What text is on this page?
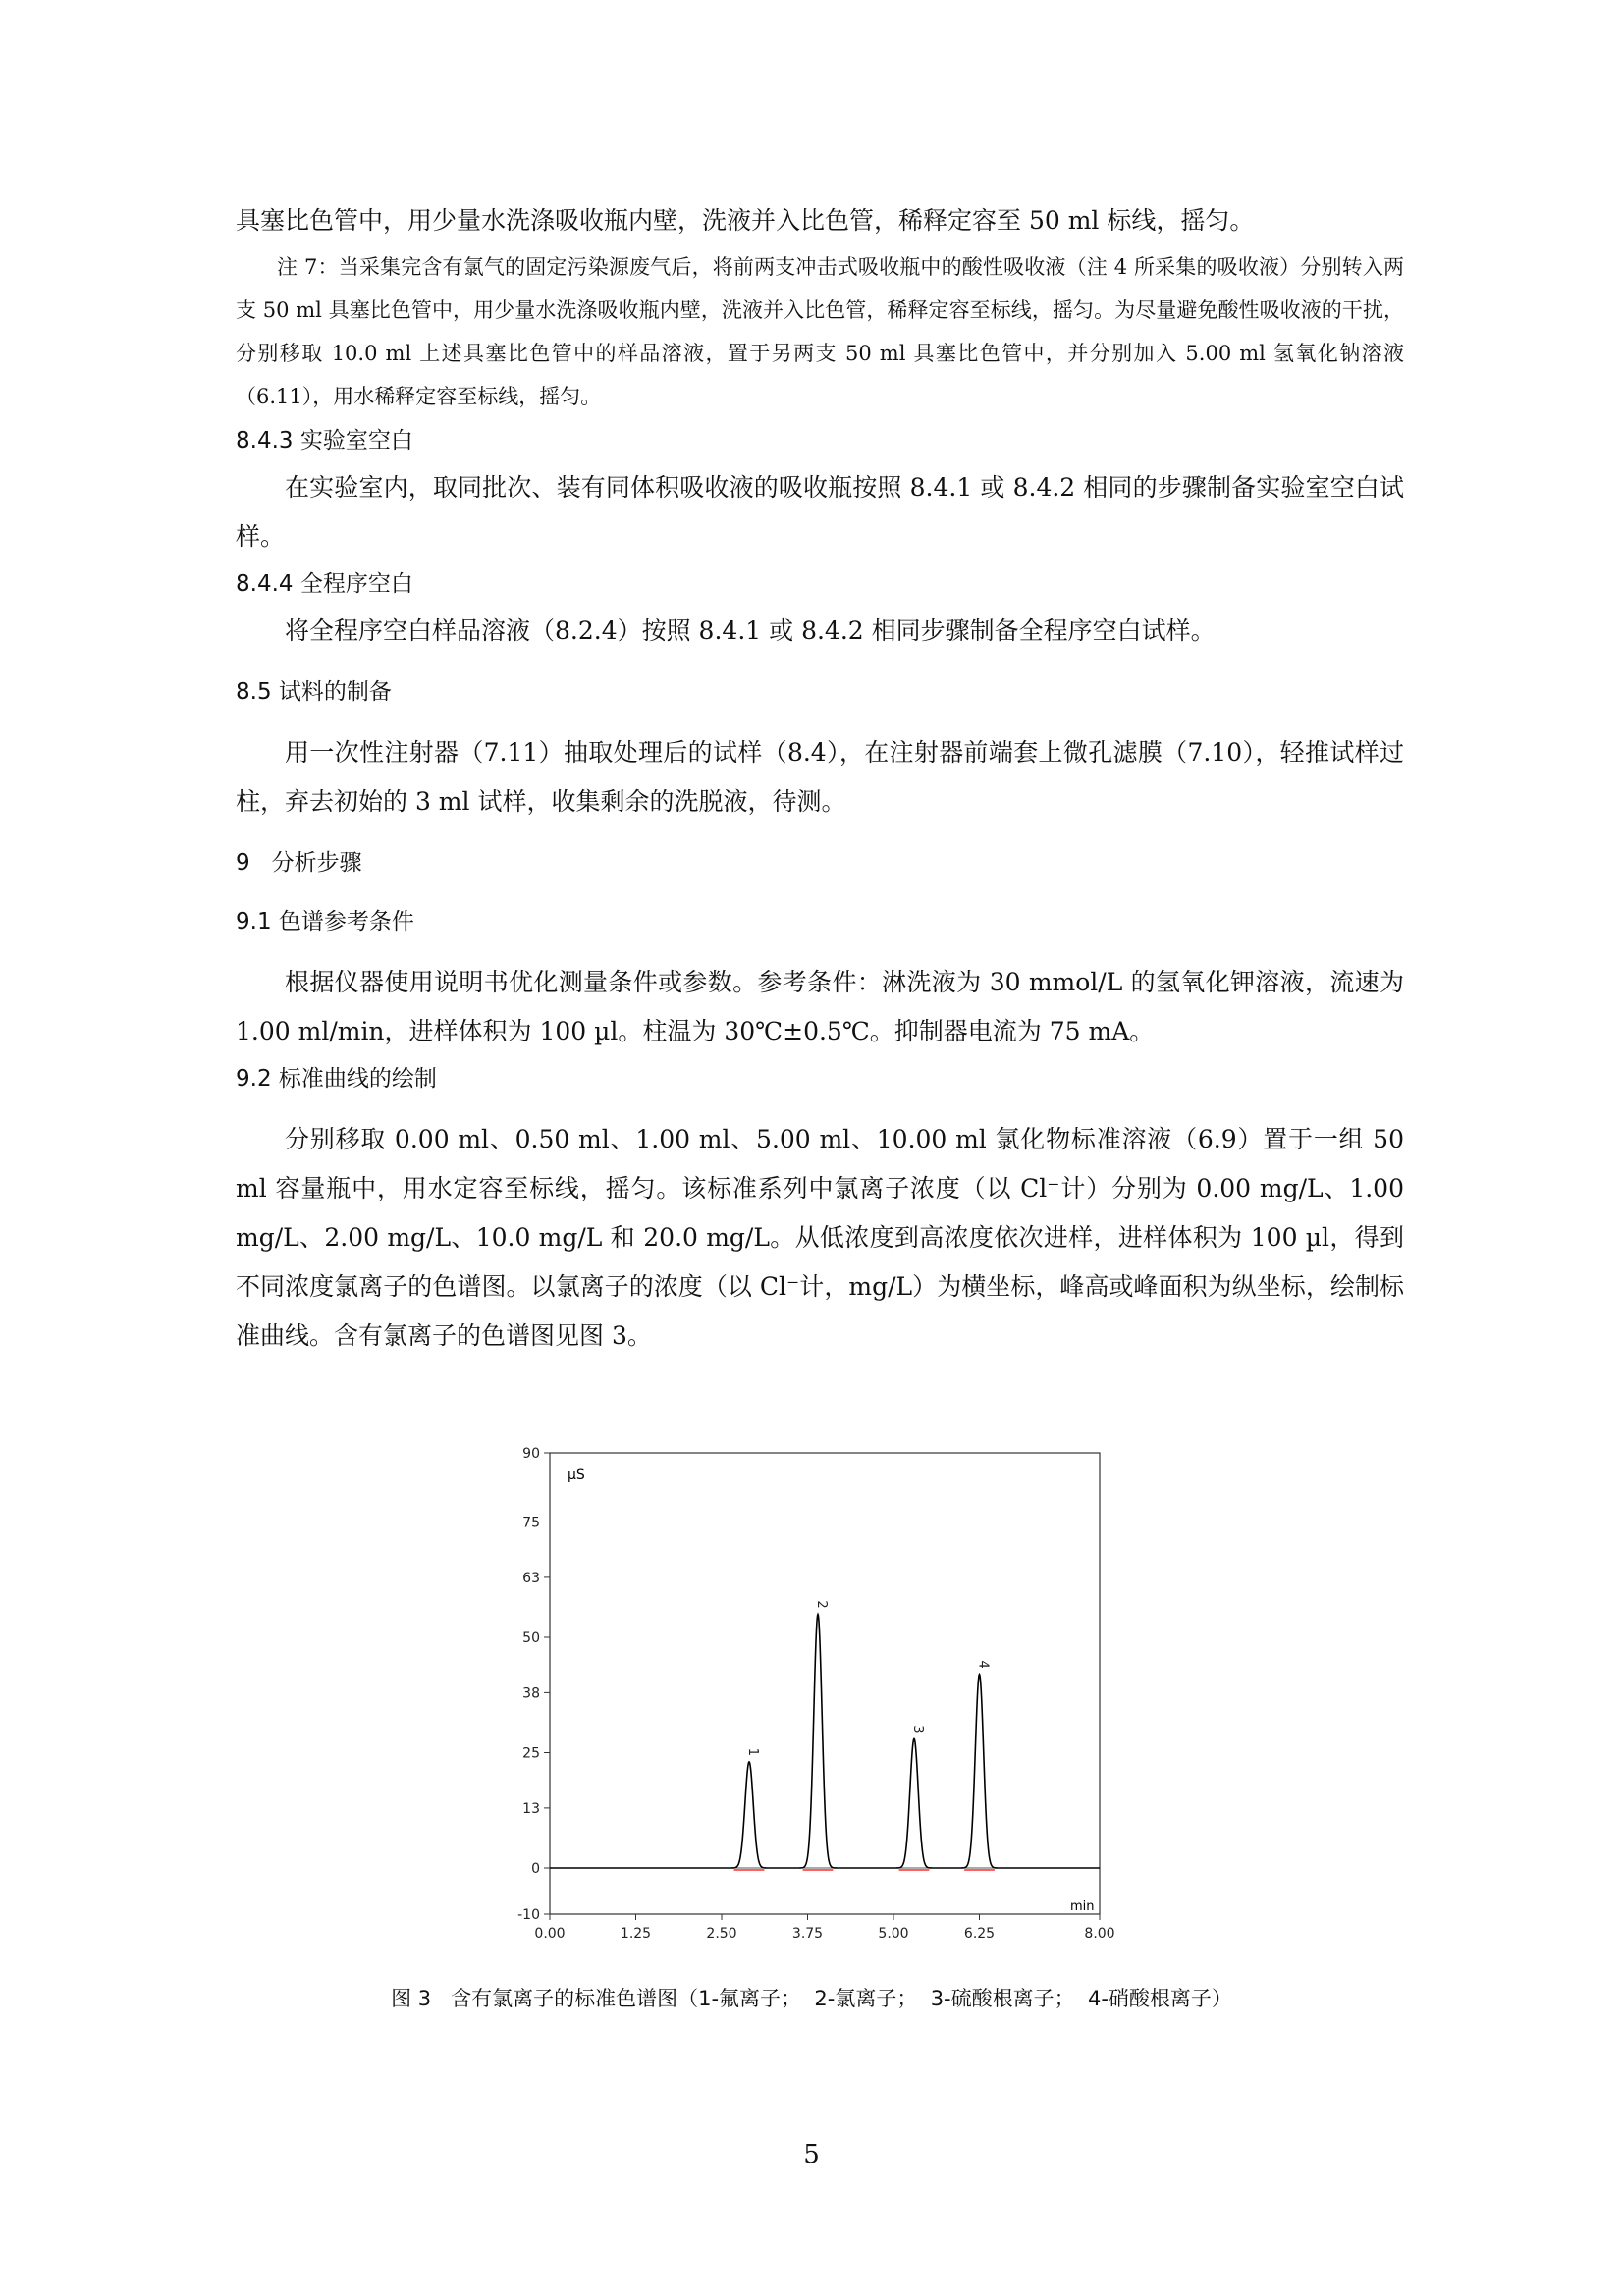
具塞比色管中，用少量水洗涤吸收瓶内壁，洗液并入比色管，稀释定容至 50 ml 标线，摇匀。

注 7：当采集完含有氯气的固定污染源废气后，将前两支冲击式吸收瓶中的酸性吸收液（注 4 所采集的吸收液）分别转入两支 50 ml 具塞比色管中，用少量水洗涤吸收瓶内壁，洗液并入比色管，稀释定容至标线，摇匀。为尽量避免酸性吸收液的干扰，分别移取 10.0 ml 上述具塞比色管中的样品溶液，置于另两支 50 ml 具塞比色管中，并分别加入 5.00 ml 氢氧化钠溶液（6.11），用水稀释定容至标线，摇匀。

8.4.3 实验室空白

在实验室内，取同批次、装有同体积吸收液的吸收瓶按照 8.4.1 或 8.4.2 相同的步骤制备实验室空白试样。

8.4.4 全程序空白

将全程序空白样品溶液（8.2.4）按照 8.4.1 或 8.4.2 相同步骤制备全程序空白试样。

8.5 试料的制备

用一次性注射器（7.11）抽取处理后的试样（8.4），在注射器前端套上微孔滤膜（7.10），轻推试样过柱，弃去初始的 3 ml 试样，收集剩余的洗脱液，待测。

9   分析步骤
9.1 色谱参考条件

根据仪器使用说明书优化测量条件或参数。参考条件：淋洗液为 30 mmol/L 的氢氧化钾溶液，流速为 1.00 ml/min，进样体积为 100 µl。柱温为 30℃±0.5℃。抑制器电流为 75 mA。

9.2 标准曲线的绘制

分别移取 0.00 ml、0.50 ml、1.00 ml、5.00 ml、10.00 ml 氯化物标准溶液（6.9）置于一组 50 ml 容量瓶中，用水定容至标线，摇匀。该标准系列中氯离子浓度（以 Cl⁻计）分别为 0.00 mg/L、1.00 mg/L、2.00 mg/L、10.0 mg/L 和 20.0 mg/L。从低浓度到高浓度依次进样，进样体积为 100 µl，得到不同浓度氯离子的色谱图。以氯离子的浓度（以 Cl⁻计，mg/L）为横坐标，峰高或峰面积为纵坐标，绘制标准曲线。含有氯离子的色谱图见图 3。

µS
min
90
75
63
50
38
25
13
0
-10
0.00	1.25	2.50	3.75	5.00	6.25	8.00
1
2
3
4
图 3   含有氯离子的标准色谱图（1-氟离子；  2-氯离子；  3-硫酸根离子；  4-硝酸根离子）
5
